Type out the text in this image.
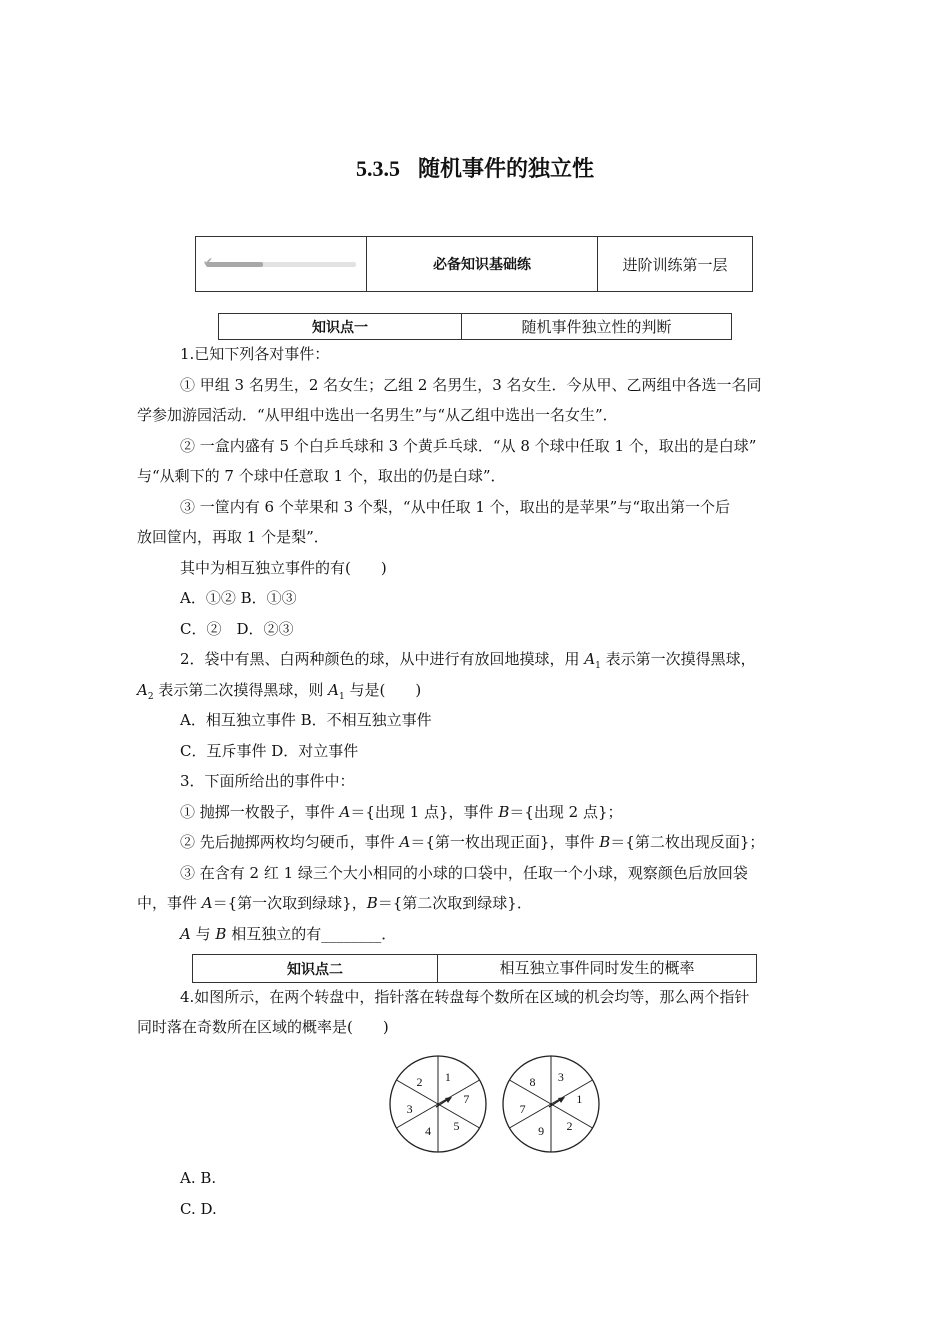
5.3.5 随机事件的独立性
✔	必备知识基础练	进阶训练第一层
知识点一	随机事件独立性的判断
1.已知下列各对事件：
① 甲组 3 名男生，2 名女生；乙组 2 名男生，3 名女生．今从甲、乙两组中各选一名同
学参加游园活动．“从甲组中选出一名男生”与“从乙组中选出一名女生”．
② 一盒内盛有 5 个白乒乓球和 3 个黄乒乓球．“从 8 个球中任取 1 个，取出的是白球”
与“从剩下的 7 个球中任意取 1 个，取出的仍是白球”．
③ 一筐内有 6 个苹果和 3 个梨，“从中任取 1 个，取出的是苹果”与“取出第一个后
放回筐内，再取 1 个是梨”．
其中为相互独立事件的有(　　)
A．①② B．①③
C．②　D．②③
2．袋中有黑、白两种颜色的球，从中进行有放回地摸球，用 $A_1$ 表示第一次摸得黑球，
$A_2$ 表示第二次摸得黑球，则 $A_1$ 与是(　　)
A．相互独立事件 B．不相互独立事件
C．互斥事件 D．对立事件
3．下面所给出的事件中：
① 抛掷一枚骰子，事件 A＝{出现 1 点}，事件 B＝{出现 2 点}；
② 先后抛掷两枚均匀硬币，事件 A＝{第一枚出现正面}，事件 B＝{第二枚出现反面}；
③ 在含有 2 红 1 绿三个大小相同的小球的口袋中，任取一个小球，观察颜色后放回袋
中，事件 A＝{第一次取到绿球}，B＝{第二次取到绿球}．
A 与 B 相互独立的有________．
知识点二	相互独立事件同时发生的概率
4.如图所示，在两个转盘中，指针落在转盘每个数所在区域的机会均等，那么两个指针
同时落在奇数所在区域的概率是(　　)
1
7
5
4
3
2	3
1
2
9
7
8
A. B.
C. D.
